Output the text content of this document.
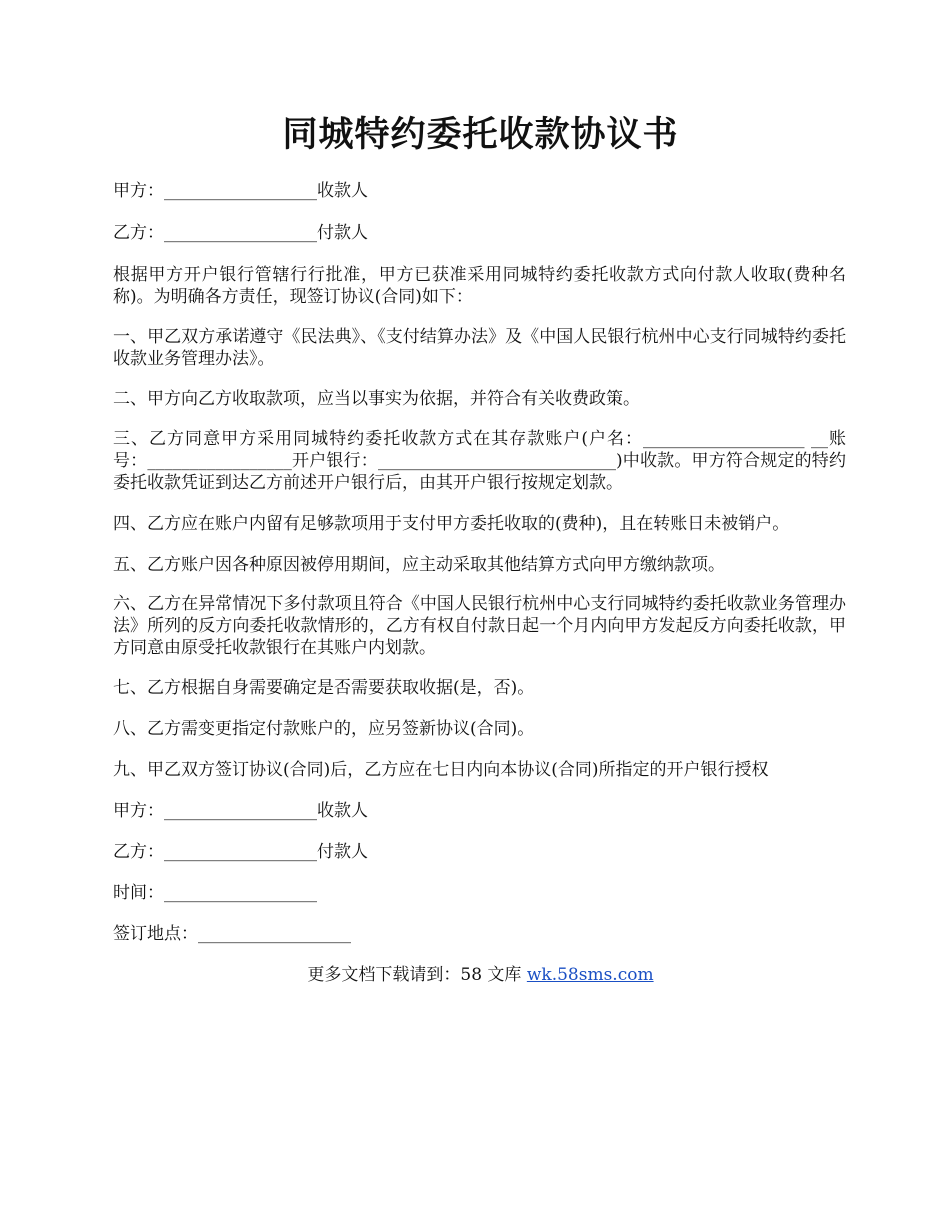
同城特约委托收款协议书
甲方：__________________收款人
乙方：__________________付款人
根据甲方开户银行管辖行行批准，甲方已获准采用同城特约委托收款方式向付款人收取(费种名称)。为明确各方责任，现签订协议(合同)如下：
一、甲乙双方承诺遵守《民法典》、《支付结算办法》及《中国人民银行杭州中心支行同城特约委托收款业务管理办法》。
二、甲方向乙方收取款项，应当以事实为依据，并符合有关收费政策。
三、乙方同意甲方采用同城特约委托收款方式在其存款账户(户名：___________________ __账号：_________________开户银行：____________________________)中收款。甲方符合规定的特约委托收款凭证到达乙方前述开户银行后，由其开户银行按规定划款。
四、乙方应在账户内留有足够款项用于支付甲方委托收取的(费种)，且在转账日未被销户。
五、乙方账户因各种原因被停用期间，应主动采取其他结算方式向甲方缴纳款项。
六、乙方在异常情况下多付款项且符合《中国人民银行杭州中心支行同城特约委托收款业务管理办法》所列的反方向委托收款情形的，乙方有权自付款日起一个月内向甲方发起反方向委托收款，甲方同意由原受托收款银行在其账户内划款。
七、乙方根据自身需要确定是否需要获取收据(是，否)。
八、乙方需变更指定付款账户的，应另签新协议(合同)。
九、甲乙双方签订协议(合同)后，乙方应在七日内向本协议(合同)所指定的开户银行授权
甲方：__________________收款人
乙方：__________________付款人
时间：__________________
签订地点：__________________
更多文档下载请到：58 文库 wk.58sms.com
